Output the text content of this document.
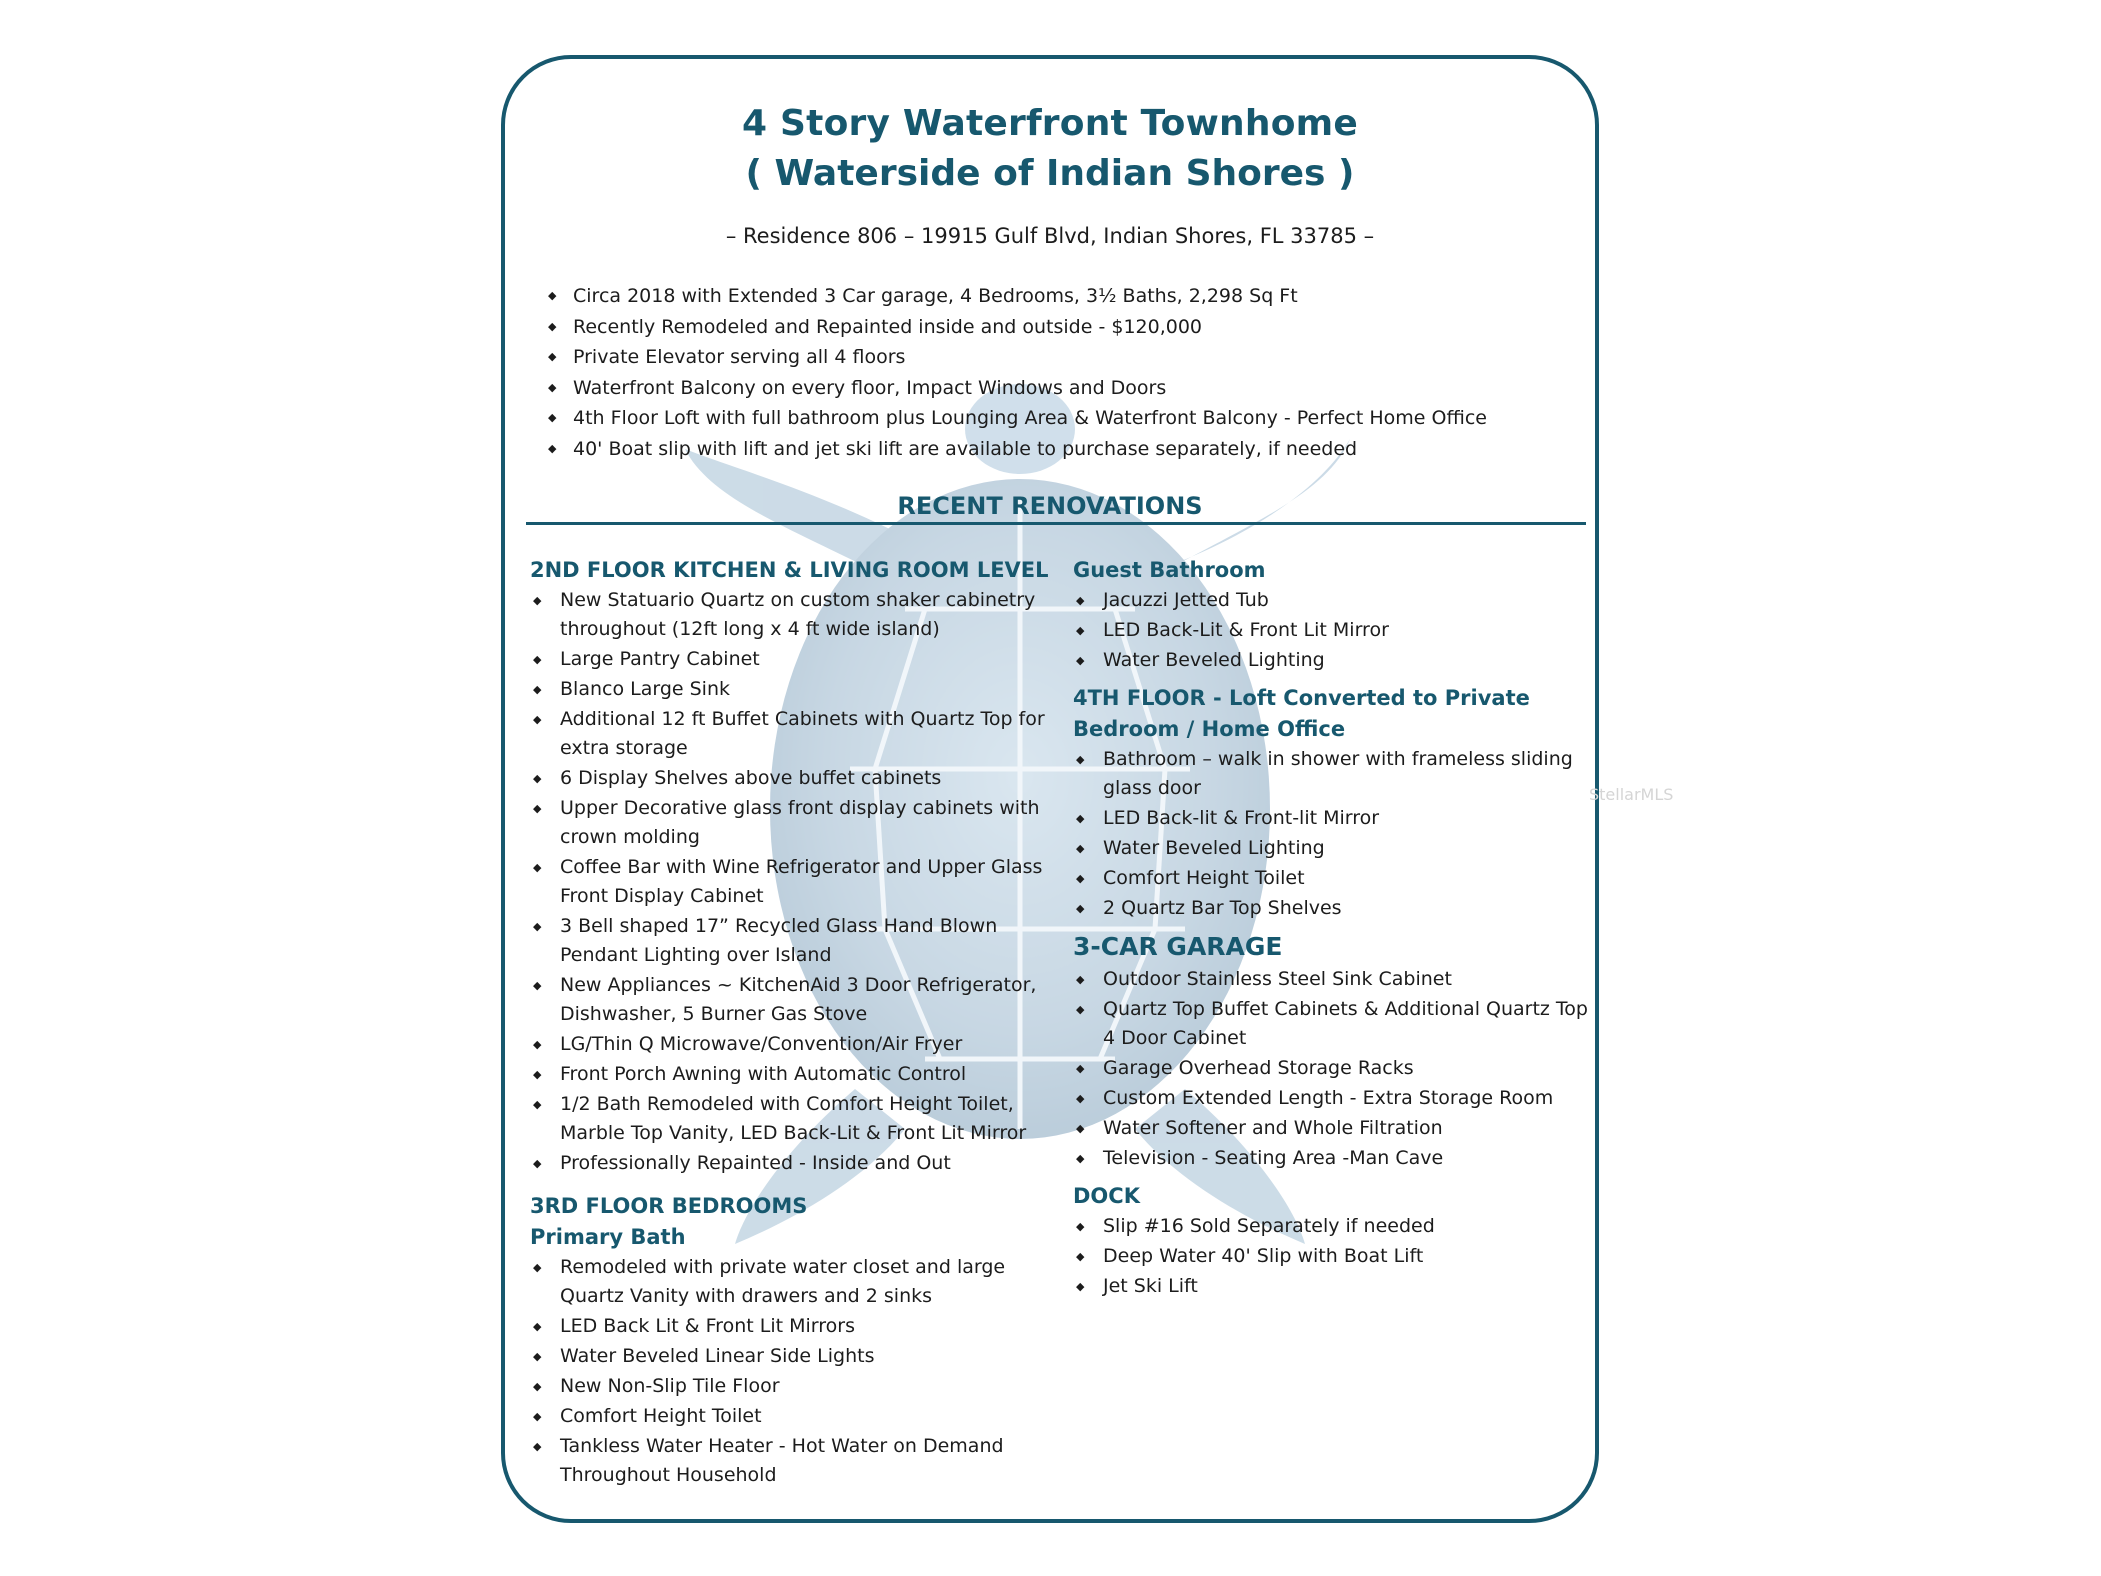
4 Story Waterfront Townhome
( Waterside of Indian Shores )
– Residence 806 – 19915 Gulf Blvd, Indian Shores, FL 33785 –
◆ Circa 2018 with Extended 3 Car garage, 4 Bedrooms, 3½ Baths, 2,298 Sq Ft
◆ Recently Remodeled and Repainted inside and outside - $120,000
◆ Private Elevator serving all 4 floors
◆ Waterfront Balcony on every floor, Impact Windows and Doors
◆ 4th Floor Loft with full bathroom plus Lounging Area & Waterfront Balcony - Perfect Home Office
◆ 40' Boat slip with lift and jet ski lift are available to purchase separately, if needed
RECENT RENOVATIONS
2ND FLOOR KITCHEN & LIVING ROOM LEVEL
◆ New Statuario Quartz on custom shaker cabinetry throughout (12ft long x 4 ft wide island)
◆ Large Pantry Cabinet
◆ Blanco Large Sink
◆ Additional 12 ft Buffet Cabinets with Quartz Top for extra storage
◆ 6 Display Shelves above buffet cabinets
◆ Upper Decorative glass front display cabinets with crown molding
◆ Coffee Bar with Wine Refrigerator and Upper Glass Front Display Cabinet
◆ 3 Bell shaped 17” Recycled Glass Hand Blown Pendant Lighting over Island
◆ New Appliances ~ KitchenAid 3 Door Refrigerator, Dishwasher, 5 Burner Gas Stove
◆ LG/Thin Q Microwave/Convention/Air Fryer
◆ Front Porch Awning with Automatic Control
◆ 1/2 Bath Remodeled with Comfort Height Toilet, Marble Top Vanity, LED Back-Lit & Front Lit Mirror
◆ Professionally Repainted - Inside and Out
3RD FLOOR BEDROOMS
Primary Bath
◆ Remodeled with private water closet and large Quartz Vanity with drawers and 2 sinks
◆ LED Back Lit & Front Lit Mirrors
◆ Water Beveled Linear Side Lights
◆ New Non-Slip Tile Floor
◆ Comfort Height Toilet
◆ Tankless Water Heater - Hot Water on Demand Throughout Household
Guest Bathroom
◆ Jacuzzi Jetted Tub
◆ LED Back-Lit & Front Lit Mirror
◆ Water Beveled Lighting
4TH FLOOR - Loft Converted to Private Bedroom / Home Office
◆ Bathroom – walk in shower with frameless sliding glass door
◆ LED Back-lit & Front-lit Mirror
◆ Water Beveled Lighting
◆ Comfort Height Toilet
◆ 2 Quartz Bar Top Shelves
3-CAR GARAGE
◆ Outdoor Stainless Steel Sink Cabinet
◆ Quartz Top Buffet Cabinets & Additional Quartz Top 4 Door Cabinet
◆ Garage Overhead Storage Racks
◆ Custom Extended Length - Extra Storage Room
◆ Water Softener and Whole Filtration
◆ Television - Seating Area -Man Cave
DOCK
◆ Slip #16 Sold Separately if needed
◆ Deep Water 40' Slip with Boat Lift
◆ Jet Ski Lift
StellarMLS
